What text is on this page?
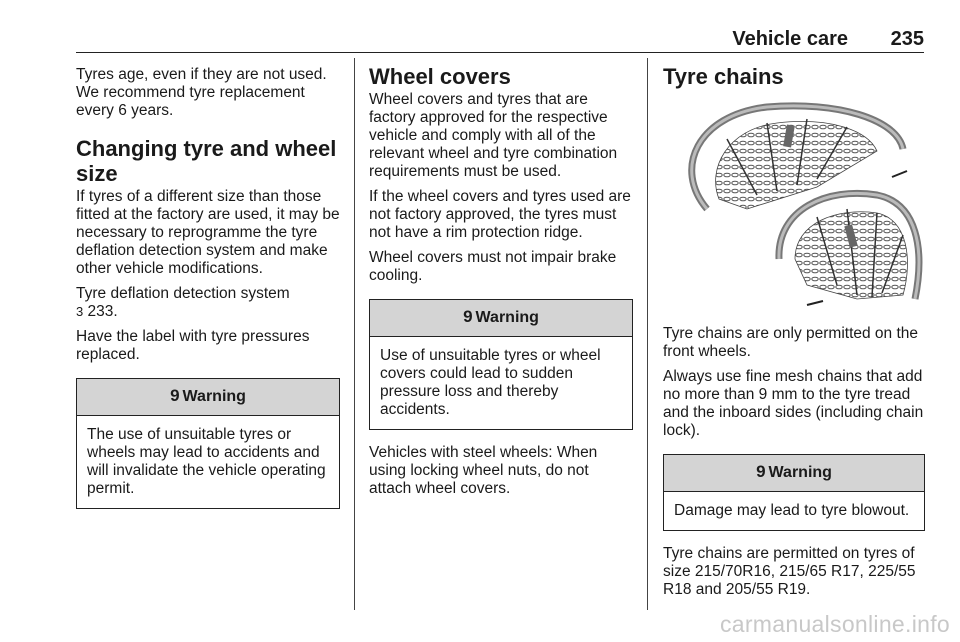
Vehicle care 235

Tyres age, even if they are not used. We recommend tyre replacement every 6 years.

Changing tyre and wheel size

If tyres of a different size than those fitted at the factory are used, it may be necessary to reprogramme the tyre deflation detection system and make other vehicle modifications.

Tyre deflation detection system
3 233.

Have the label with tyre pressures replaced.

9 Warning
The use of unsuitable tyres or wheels may lead to accidents and will invalidate the vehicle operating permit.
Wheel covers

Wheel covers and tyres that are factory approved for the respective vehicle and comply with all of the relevant wheel and tyre combination requirements must be used.

If the wheel covers and tyres used are not factory approved, the tyres must not have a rim protection ridge.

Wheel covers must not impair brake cooling.

9 Warning
Use of unsuitable tyres or wheel covers could lead to sudden pressure loss and thereby accidents.

Vehicles with steel wheels: When using locking wheel nuts, do not attach wheel covers.

Tyre chains

Tyre chains are only permitted on the front wheels.

Always use fine mesh chains that add no more than 9 mm to the tyre tread and the inboard sides (including chain lock).

9 Warning
Damage may lead to tyre blowout.

Tyre chains are permitted on tyres of size 215/70R16, 215/65 R17, 225/55 R18 and 205/55 R19.

carmanualsonline.info
